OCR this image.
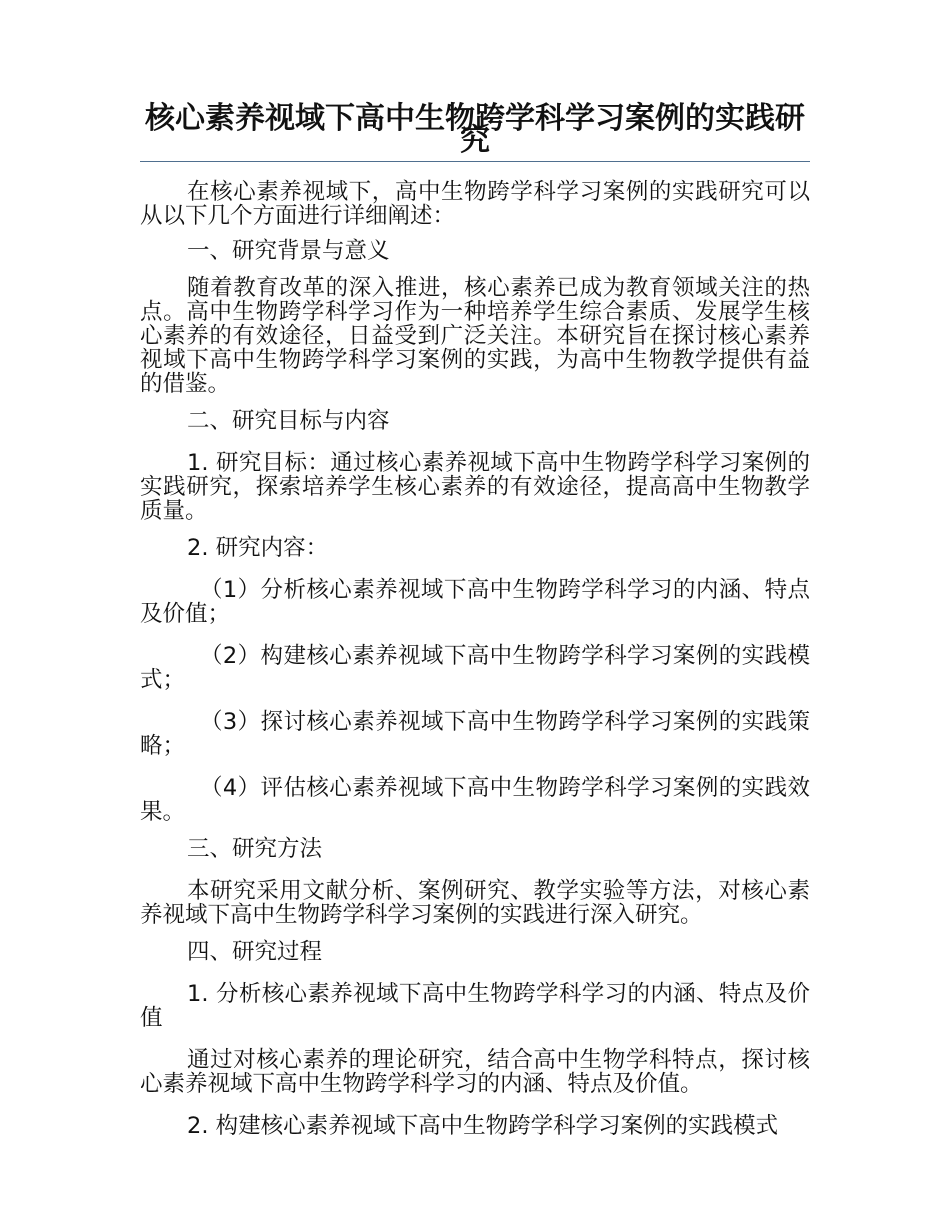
核心素养视域下高中生物跨学科学习案例的实践研究

在核心素养视域下，高中生物跨学科学习案例的实践研究可以从以下几个方面进行详细阐述：

一、研究背景与意义

随着教育改革的深入推进，核心素养已成为教育领域关注的热点。高中生物跨学科学习作为一种培养学生综合素质、发展学生核心素养的有效途径，日益受到广泛关注。本研究旨在探讨核心素养视域下高中生物跨学科学习案例的实践，为高中生物教学提供有益的借鉴。

二、研究目标与内容

1. 研究目标：通过核心素养视域下高中生物跨学科学习案例的实践研究，探索培养学生核心素养的有效途径，提高高中生物教学质量。

2. 研究内容：

（1）分析核心素养视域下高中生物跨学科学习的内涵、特点及价值；

（2）构建核心素养视域下高中生物跨学科学习案例的实践模式；

（3）探讨核心素养视域下高中生物跨学科学习案例的实践策略；

（4）评估核心素养视域下高中生物跨学科学习案例的实践效果。

三、研究方法

本研究采用文献分析、案例研究、教学实验等方法，对核心素养视域下高中生物跨学科学习案例的实践进行深入研究。

四、研究过程

1. 分析核心素养视域下高中生物跨学科学习的内涵、特点及价值

通过对核心素养的理论研究，结合高中生物学科特点，探讨核心素养视域下高中生物跨学科学习的内涵、特点及价值。

2. 构建核心素养视域下高中生物跨学科学习案例的实践模式
